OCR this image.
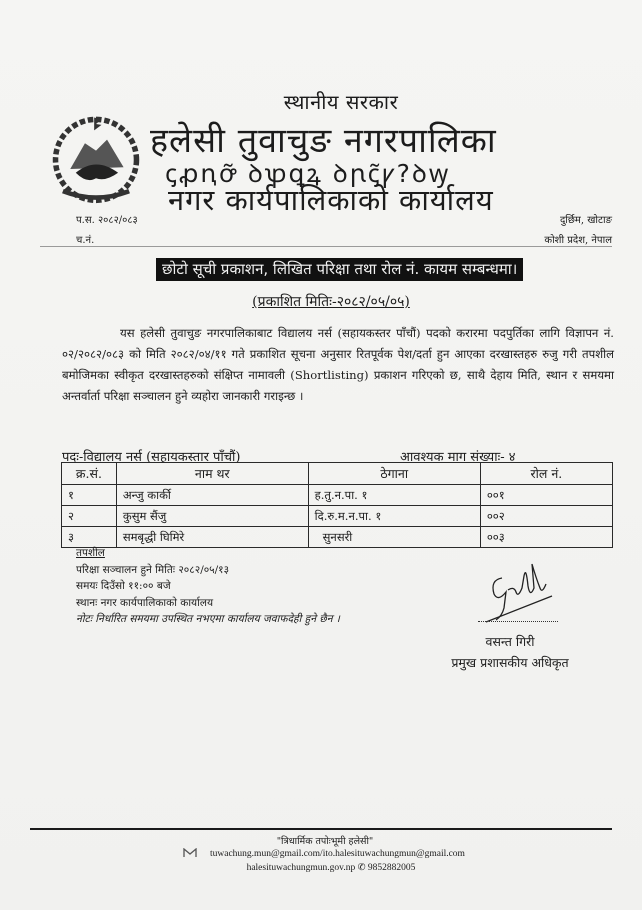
स्थानीय सरकार
हलेसी तुवाचुङ नगरपालिका
ꞔꝓꞑꝍ̃ ꝺꝕꝗꝝ ꝺꞃꞔ̃ꝩ?ꝺꝡ
नगर कार्यपालिकाको कार्यालय
प.स. २०८२/०८३
च.नं.
दुर्छिम, खोटाङ
कोशी प्रदेश, नेपाल
छोटो सूची प्रकाशन, लिखित परिक्षा तथा रोल नं. कायम सम्बन्धमा।
(प्रकाशित मितिः-२०८२/०५/०५)
यस हलेसी तुवाचुङ नगरपालिकाबाट विद्यालय नर्स (सहायकस्तर पाँचौं) पदको करारमा पदपुर्तिका लागि विज्ञापन नं. ०२/२०८२/०८३ को मिति २०८२/०४/११ गते प्रकाशित सूचना अनुसार रितपूर्वक पेश/दर्ता हुन आएका दरखास्तहरु रुजु गरी तपशील बमोजिमका स्वीकृत दरखास्तहरुको संक्षिप्त नामावली (Shortlisting) प्रकाशन गरिएको छ, साथै देहाय मिति, स्थान र समयमा अन्तर्वार्ता परिक्षा सञ्चालन हुने व्यहोरा जानकारी गराइन्छ ।
पदः-विद्यालय नर्स (सहायकस्तार पाँचौं)	आवश्यक माग संख्याः- ४
क्र.सं.	नाम थर	ठेगाना	रोल नं.
१	अन्जु कार्की	ह.तु.न.पा. १	००१
२	कुसुम सैंजु	दि.रु.म.न.पा. १	००२
३	समबृद्धी घिमिरे	सुनसरी	००३
तपशील
परिक्षा सञ्चालन हुने मितिः २०८२/०५/१३
समयः दिउँसो ११:०० बजे
स्थानः नगर कार्यपालिकाको कार्यालय
नोटः निर्धारित समयमा उपस्थित नभएमा कार्यालय जवाफदेही हुने छैन ।
वसन्त गिरी
प्रमुख प्रशासकीय अधिकृत
"त्रिधार्मिक तपोःभूमी हलेसी"
tuwachung.mun@gmail.com/ito.halesituwachungmun@gmail.com
halesituwachungmun.gov.np ✆ 9852882005
